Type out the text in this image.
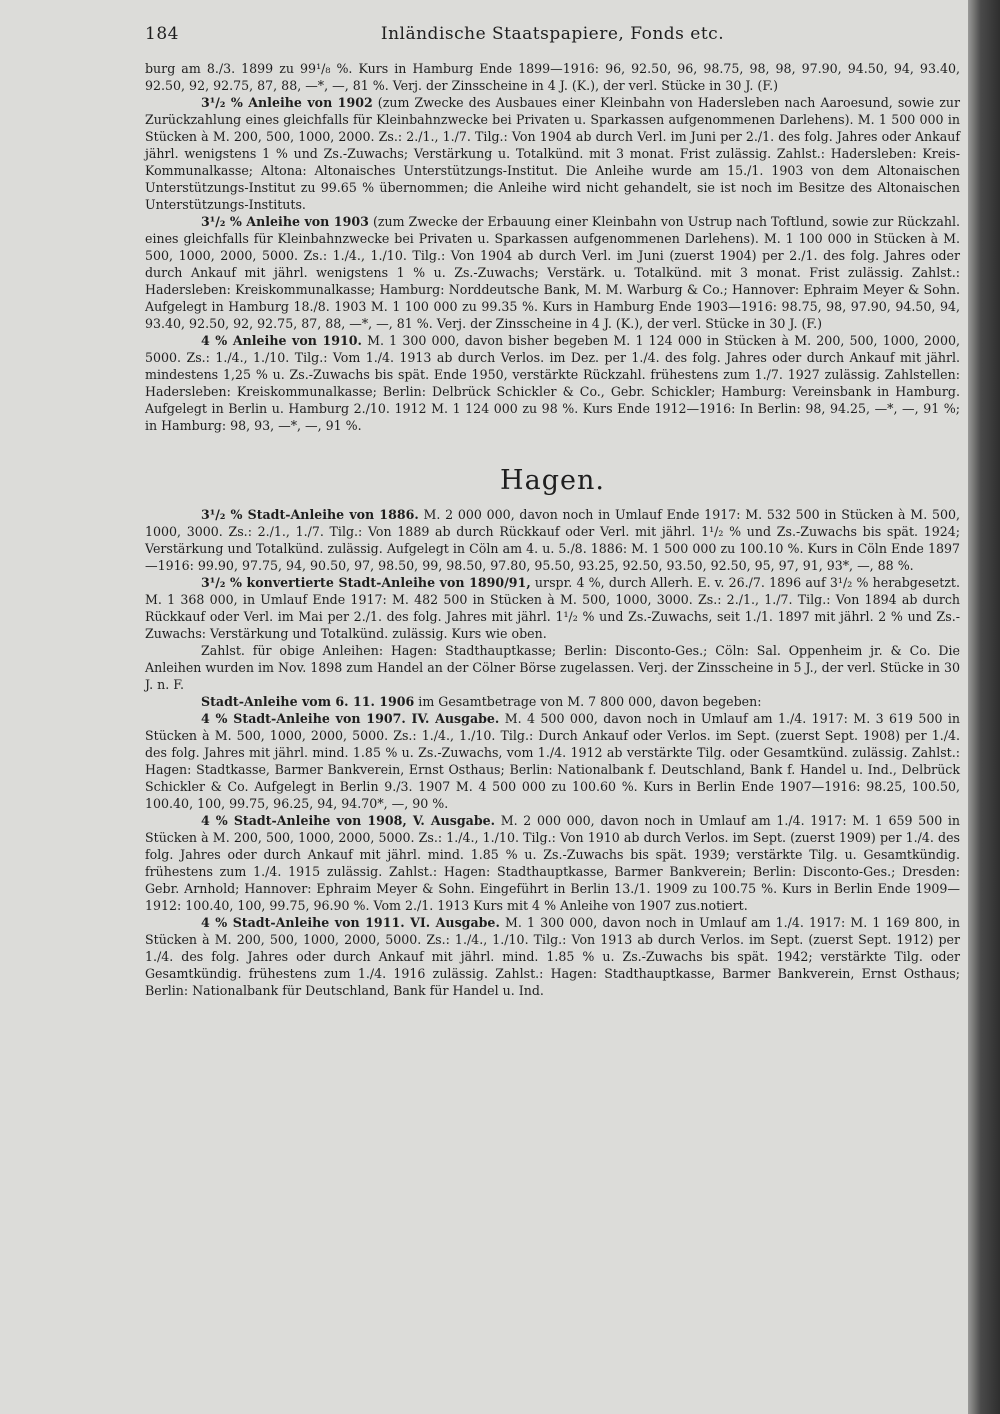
184	Inländische Staatspapiere, Fonds etc.

burg am 8./3. 1899 zu 99¹/₈ %. Kurs in Hamburg Ende 1899—1916: 96, 92.50, 96, 98.75, 98, 98, 97.90, 94.50, 94, 93.40, 92.50, 92, 92.75, 87, 88, —*, —, 81 %. Verj. der Zinsscheine in 4 J. (K.), der verl. Stücke in 30 J. (F.)

3¹/₂ % Anleihe von 1902 (zum Zwecke des Ausbaues einer Kleinbahn von Hadersleben nach Aaroesund, sowie zur Zurückzahlung eines gleichfalls für Kleinbahnzwecke bei Privaten u. Sparkassen aufgenommenen Darlehens). M. 1 500 000 in Stücken à M. 200, 500, 1000, 2000. Zs.: 2./1., 1./7. Tilg.: Von 1904 ab durch Verl. im Juni per 2./1. des folg. Jahres oder Ankauf jährl. wenigstens 1 % und Zs.-Zuwachs; Verstärkung u. Totalkünd. mit 3 monat. Frist zulässig. Zahlst.: Hadersleben: Kreis-Kommunalkasse; Altona: Altonaisches Unterstützungs-Institut. Die Anleihe wurde am 15./1. 1903 von dem Altonaischen Unterstützungs-Institut zu 99.65 % übernommen; die Anleihe wird nicht gehandelt, sie ist noch im Besitze des Altonaischen Unterstützungs-Instituts.

3¹/₂ % Anleihe von 1903 (zum Zwecke der Erbauung einer Kleinbahn von Ustrup nach Toftlund, sowie zur Rückzahl. eines gleichfalls für Kleinbahnzwecke bei Privaten u. Sparkassen aufgenommenen Darlehens). M. 1 100 000 in Stücken à M. 500, 1000, 2000, 5000. Zs.: 1./4., 1./10. Tilg.: Von 1904 ab durch Verl. im Juni (zuerst 1904) per 2./1. des folg. Jahres oder durch Ankauf mit jährl. wenigstens 1 % u. Zs.-Zuwachs; Verstärk. u. Totalkünd. mit 3 monat. Frist zulässig. Zahlst.: Hadersleben: Kreiskommunalkasse; Hamburg: Norddeutsche Bank, M. M. Warburg & Co.; Hannover: Ephraim Meyer & Sohn. Aufgelegt in Hamburg 18./8. 1903 M. 1 100 000 zu 99.35 %. Kurs in Hamburg Ende 1903—1916: 98.75, 98, 97.90, 94.50, 94, 93.40, 92.50, 92, 92.75, 87, 88, —*, —, 81 %. Verj. der Zinsscheine in 4 J. (K.), der verl. Stücke in 30 J. (F.)

4 % Anleihe von 1910. M. 1 300 000, davon bisher begeben M. 1 124 000 in Stücken à M. 200, 500, 1000, 2000, 5000. Zs.: 1./4., 1./10. Tilg.: Vom 1./4. 1913 ab durch Verlos. im Dez. per 1./4. des folg. Jahres oder durch Ankauf mit jährl. mindestens 1,25 % u. Zs.-Zuwachs bis spät. Ende 1950, verstärkte Rückzahl. frühestens zum 1./7. 1927 zulässig. Zahlstellen: Hadersleben: Kreiskommunalkasse; Berlin: Delbrück Schickler & Co., Gebr. Schickler; Hamburg: Vereinsbank in Hamburg. Aufgelegt in Berlin u. Hamburg 2./10. 1912 M. 1 124 000 zu 98 %. Kurs Ende 1912—1916: In Berlin: 98, 94.25, —*, —, 91 %; in Hamburg: 98, 93, —*, —, 91 %.

Hagen.

3¹/₂ % Stadt-Anleihe von 1886. M. 2 000 000, davon noch in Umlauf Ende 1917: M. 532 500 in Stücken à M. 500, 1000, 3000. Zs.: 2./1., 1./7. Tilg.: Von 1889 ab durch Rückkauf oder Verl. mit jährl. 1¹/₂ % und Zs.-Zuwachs bis spät. 1924; Verstärkung und Totalkünd. zulässig. Aufgelegt in Cöln am 4. u. 5./8. 1886: M. 1 500 000 zu 100.10 %. Kurs in Cöln Ende 1897—1916: 99.90, 97.75, 94, 90.50, 97, 98.50, 99, 98.50, 97.80, 95.50, 93.25, 92.50, 93.50, 92.50, 95, 97, 91, 93*, —, 88 %.

3¹/₂ % konvertierte Stadt-Anleihe von 1890/91, urspr. 4 %, durch Allerh. E. v. 26./7. 1896 auf 3¹/₂ % herabgesetzt. M. 1 368 000, in Umlauf Ende 1917: M. 482 500 in Stücken à M. 500, 1000, 3000. Zs.: 2./1., 1./7. Tilg.: Von 1894 ab durch Rückkauf oder Verl. im Mai per 2./1. des folg. Jahres mit jährl. 1¹/₂ % und Zs.-Zuwachs, seit 1./1. 1897 mit jährl. 2 % und Zs.-Zuwachs: Verstärkung und Totalkünd. zulässig. Kurs wie oben.

Zahlst. für obige Anleihen: Hagen: Stadthauptkasse; Berlin: Disconto-Ges.; Cöln: Sal. Oppenheim jr. & Co. Die Anleihen wurden im Nov. 1898 zum Handel an der Cölner Börse zugelassen. Verj. der Zinsscheine in 5 J., der verl. Stücke in 30 J. n. F.

Stadt-Anleihe vom 6. 11. 1906 im Gesamtbetrage von M. 7 800 000, davon begeben:

4 % Stadt-Anleihe von 1907. IV. Ausgabe. M. 4 500 000, davon noch in Umlauf am 1./4. 1917: M. 3 619 500 in Stücken à M. 500, 1000, 2000, 5000. Zs.: 1./4., 1./10. Tilg.: Durch Ankauf oder Verlos. im Sept. (zuerst Sept. 1908) per 1./4. des folg. Jahres mit jährl. mind. 1.85 % u. Zs.-Zuwachs, vom 1./4. 1912 ab verstärkte Tilg. oder Gesamtkünd. zulässig. Zahlst.: Hagen: Stadtkasse, Barmer Bankverein, Ernst Osthaus; Berlin: Nationalbank f. Deutschland, Bank f. Handel u. Ind., Delbrück Schickler & Co. Aufgelegt in Berlin 9./3. 1907 M. 4 500 000 zu 100.60 %. Kurs in Berlin Ende 1907—1916: 98.25, 100.50, 100.40, 100, 99.75, 96.25, 94, 94.70*, —, 90 %.

4 % Stadt-Anleihe von 1908, V. Ausgabe. M. 2 000 000, davon noch in Umlauf am 1./4. 1917: M. 1 659 500 in Stücken à M. 200, 500, 1000, 2000, 5000. Zs.: 1./4., 1./10. Tilg.: Von 1910 ab durch Verlos. im Sept. (zuerst 1909) per 1./4. des folg. Jahres oder durch Ankauf mit jährl. mind. 1.85 % u. Zs.-Zuwachs bis spät. 1939; verstärkte Tilg. u. Gesamtkündig. frühestens zum 1./4. 1915 zulässig. Zahlst.: Hagen: Stadthauptkasse, Barmer Bankverein; Berlin: Disconto-Ges.; Dresden: Gebr. Arnhold; Hannover: Ephraim Meyer & Sohn. Eingeführt in Berlin 13./1. 1909 zu 100.75 %. Kurs in Berlin Ende 1909—1912: 100.40, 100, 99.75, 96.90 %. Vom 2./1. 1913 Kurs mit 4 % Anleihe von 1907 zus.notiert.

4 % Stadt-Anleihe von 1911. VI. Ausgabe. M. 1 300 000, davon noch in Umlauf am 1./4. 1917: M. 1 169 800, in Stücken à M. 200, 500, 1000, 2000, 5000. Zs.: 1./4., 1./10. Tilg.: Von 1913 ab durch Verlos. im Sept. (zuerst Sept. 1912) per 1./4. des folg. Jahres oder durch Ankauf mit jährl. mind. 1.85 % u. Zs.-Zuwachs bis spät. 1942; verstärkte Tilg. oder Gesamtkündig. frühestens zum 1./4. 1916 zulässig. Zahlst.: Hagen: Stadthauptkasse, Barmer Bankverein, Ernst Osthaus; Berlin: Nationalbank für Deutschland, Bank für Handel u. Ind.
